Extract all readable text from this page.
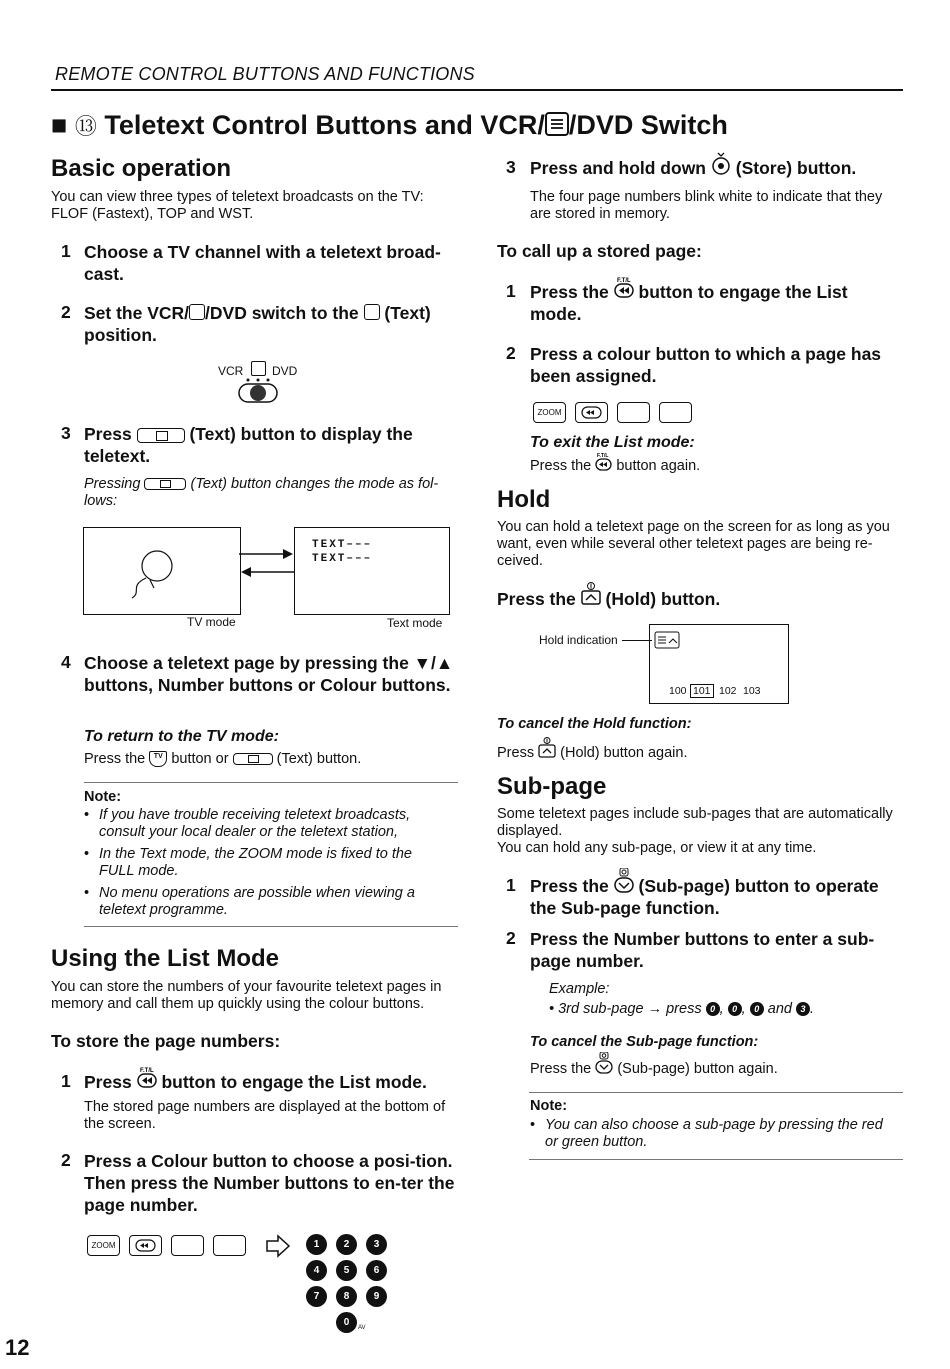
REMOTE CONTROL BUTTONS AND FUNCTIONS
■ ⑬ Teletext Control Buttons and VCR/ /DVD Switch
Basic operation
You can view three types of teletext broadcasts on the TV: FLOF (Fastext), TOP and WST.
1 Choose a TV channel with a teletext broad-cast.
2 Set the VCR/ /DVD switch to the (Text) position.
VCR DVD
3 Press	(Text) button to display the teletext.
Pressing	(Text) button changes the mode as fol-lows:
TEXT–––
TEXT–––
TV mode	Text mode
4 Choose a teletext page by pressing the ▼/▲ buttons, Number buttons or Colour buttons.
To return to the TV mode:
Press the TV button or	(Text) button.
Note:
• If you have trouble receiving teletext broadcasts, consult your local dealer or the teletext station,
• In the Text mode, the ZOOM mode is fixed to the FULL mode.
• No menu operations are possible when viewing a teletext programme.
Using the List Mode
You can store the numbers of your favourite teletext pages in memory and call them up quickly using the colour buttons.
To store the page numbers:
1 Press
F.T/L
button to engage the List mode.
The stored page numbers are displayed at the bottom of the screen.
2 Press a Colour button to choose a posi-tion. Then press the Number buttons to en-ter the page number.
ZOOM	1	2	3
4	5	6
7	8	9
0	AV
3 Press and hold down (Store) button.
The four page numbers blink white to indicate that they are stored in memory.
To call up a stored page:
1 Press the
F.T/L
button to engage the List mode.
2 Press a colour button to which a page has been assigned.
ZOOM
To exit the List mode:
Press the
F.T/L
button again.
Hold
You can hold a teletext page on the screen for as long as you want, even while several other teletext pages are being re-ceived.
Press the (Hold) button.
Hold indication
100 101 102 103
To cancel the Hold function:
Press (Hold) button again.
Sub-page
Some teletext pages include sub-pages that are automatically displayed.
You can hold any sub-page, or view it at any time.
1 Press the (Sub-page) button to operate the Sub-page function.
2 Press the Number buttons to enter a sub-page number.
Example:
• 3rd sub-page → press 0 , 0 , 0 and 3 .
To cancel the Sub-page function:
Press the (Sub-page) button again.
Note:
• You can also choose a sub-page by pressing the red or green button.
12
